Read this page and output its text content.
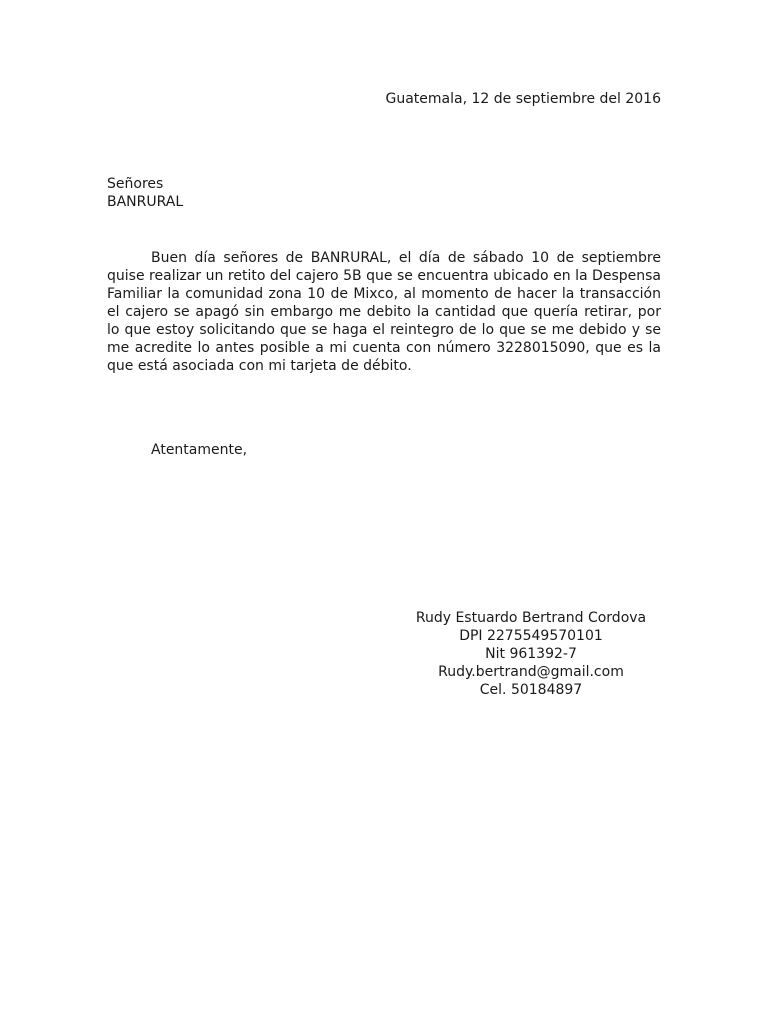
Guatemala, 12 de septiembre del 2016
Señores
BANRURAL

Buen día señores de BANRURAL, el día de sábado 10 de septiembre quise realizar un retito del cajero 5B que se encuentra ubicado en la Despensa Familiar la comunidad zona 10 de Mixco, al momento de hacer la transacción el cajero se apagó sin embargo me debito la cantidad que quería retirar, por lo que estoy solicitando que se haga el reintegro de lo que se me debido y se me acredite lo antes posible a mi cuenta con número 3228015090, que es la que está asociada con mi tarjeta de débito.

Atentamente,
Rudy Estuardo Bertrand Cordova
DPI 2275549570101
Nit 961392-7
Rudy.bertrand@gmail.com
Cel. 50184897
